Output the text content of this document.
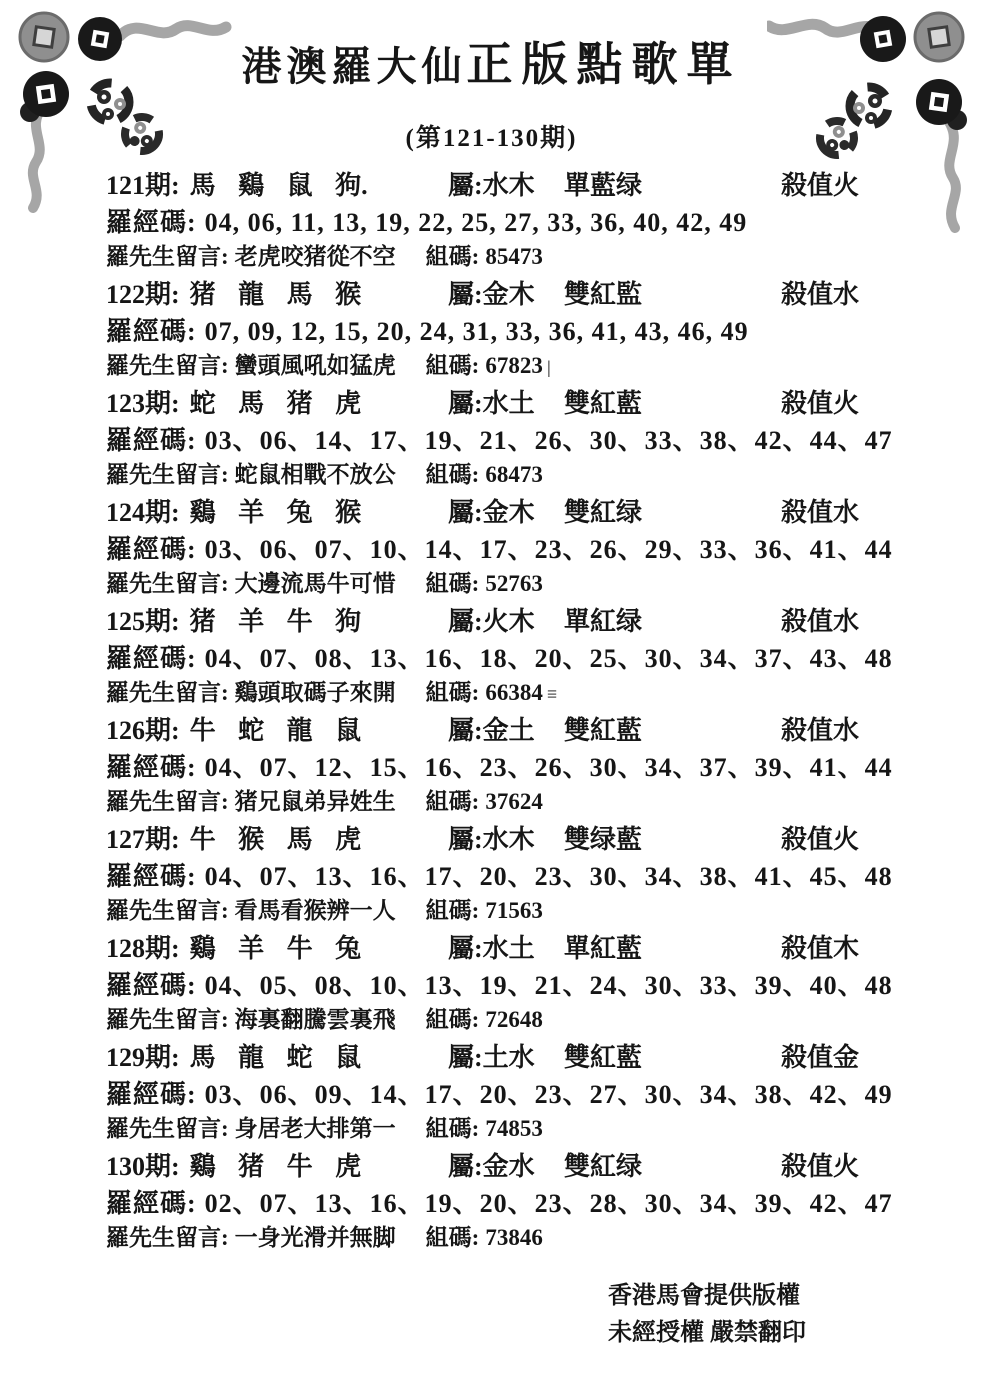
港澳羅大仙正版點歌單
(第121-130期)
121期: 馬 鷄 鼠 狗.	屬:水木	單藍绿	殺值火
羅經碼: 04, 06, 11, 13, 19, 22, 25, 27, 33, 36, 40, 42, 49
羅先生留言: 老虎咬猪從不空 組碼: 85473
122期: 猪 龍 馬 猴	屬:金木	雙紅監	殺值水
羅經碼: 07, 09, 12, 15, 20, 24, 31, 33, 36, 41, 43, 46, 49
羅先生留言: 蠻頭風吼如猛虎 組碼: 67823 |
123期: 蛇 馬 猪 虎	屬:水土	雙紅藍	殺值火
羅經碼: 03、06、14、17、19、21、26、30、33、38、42、44、47
羅先生留言: 蛇鼠相戰不放公 組碼: 68473
124期: 鷄 羊 兔 猴	屬:金木	雙紅绿	殺值水
羅經碼: 03、06、07、10、14、17、23、26、29、33、36、41、44
羅先生留言: 大邊流馬牛可惜 組碼: 52763
125期: 猪 羊 牛 狗	屬:火木	單紅绿	殺值水
羅經碼: 04、07、08、13、16、18、20、25、30、34、37、43、48
羅先生留言: 鷄頭取碼子來開 組碼: 66384 ≡
126期: 牛 蛇 龍 鼠	屬:金土	雙紅藍	殺值水
羅經碼: 04、07、12、15、16、23、26、30、34、37、39、41、44
羅先生留言: 猪兄鼠弟异姓生 組碼: 37624
127期: 牛 猴 馬 虎	屬:水木	雙绿藍	殺值火
羅經碼: 04、07、13、16、17、20、23、30、34、38、41、45、48
羅先生留言: 看馬看猴辨一人 組碼: 71563
128期: 鷄 羊 牛 兔	屬:水土	單紅藍	殺值木
羅經碼: 04、05、08、10、13、19、21、24、30、33、39、40、48
羅先生留言: 海裏翻騰雲裏飛 組碼: 72648
129期: 馬 龍 蛇 鼠	屬:土水	雙紅藍	殺值金
羅經碼: 03、06、09、14、17、20、23、27、30、34、38、42、49
羅先生留言: 身居老大排第一 組碼: 74853
130期: 鷄 猪 牛 虎	屬:金水	雙紅绿	殺值火
羅經碼: 02、07、13、16、19、20、23、28、30、34、39、42、47
羅先生留言: 一身光滑并無脚 組碼: 73846
香港馬會提供版權
未經授權 嚴禁翻印
